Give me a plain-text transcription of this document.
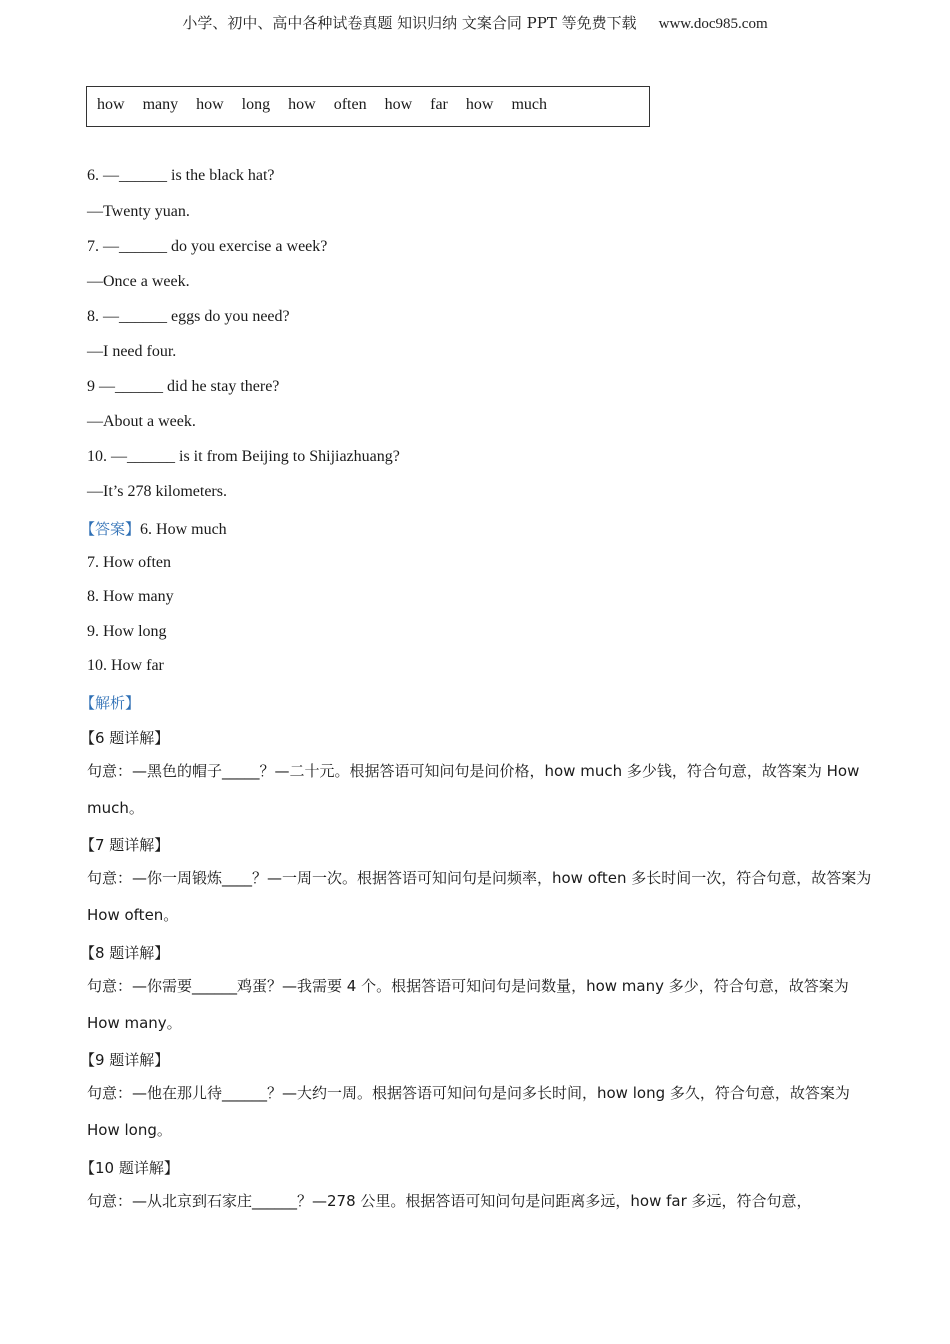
小学、初中、高中各种试卷真题 知识归纳 文案合同 PPT 等免费下载 www.doc985.com
how many how long how often how far how much
6. —______ is the black hat?
—Twenty yuan.
7. —______ do you exercise a week?
—Once a week.
8. —______ eggs do you need?
—I need four.
9 —______ did he stay there?
—About a week.
10. —______ is it from Beijing to Shijiazhuang?
—It’s 278 kilometers.
【答案】6. How much
7. How often
8. How many
9. How long
10. How far
【解析】
【6 题详解】
句意：—黑色的帽子_____？—二十元。根据答语可知问句是问价格，how much 多少钱，符合句意，故答案为 How much。
【7 题详解】
句意：—你一周锻炼____？—一周一次。根据答语可知问句是问频率，how often 多长时间一次，符合句意，故答案为 How often。
【8 题详解】
句意：—你需要______鸡蛋？—我需要 4 个。根据答语可知问句是问数量，how many 多少，符合句意，故答案为 How many。
【9 题详解】
句意：—他在那儿待______？—大约一周。根据答语可知问句是问多长时间，how long 多久，符合句意，故答案为 How long。
【10 题详解】
句意：—从北京到石家庄______？—278 公里。根据答语可知问句是问距离多远，how far 多远，符合句意，
